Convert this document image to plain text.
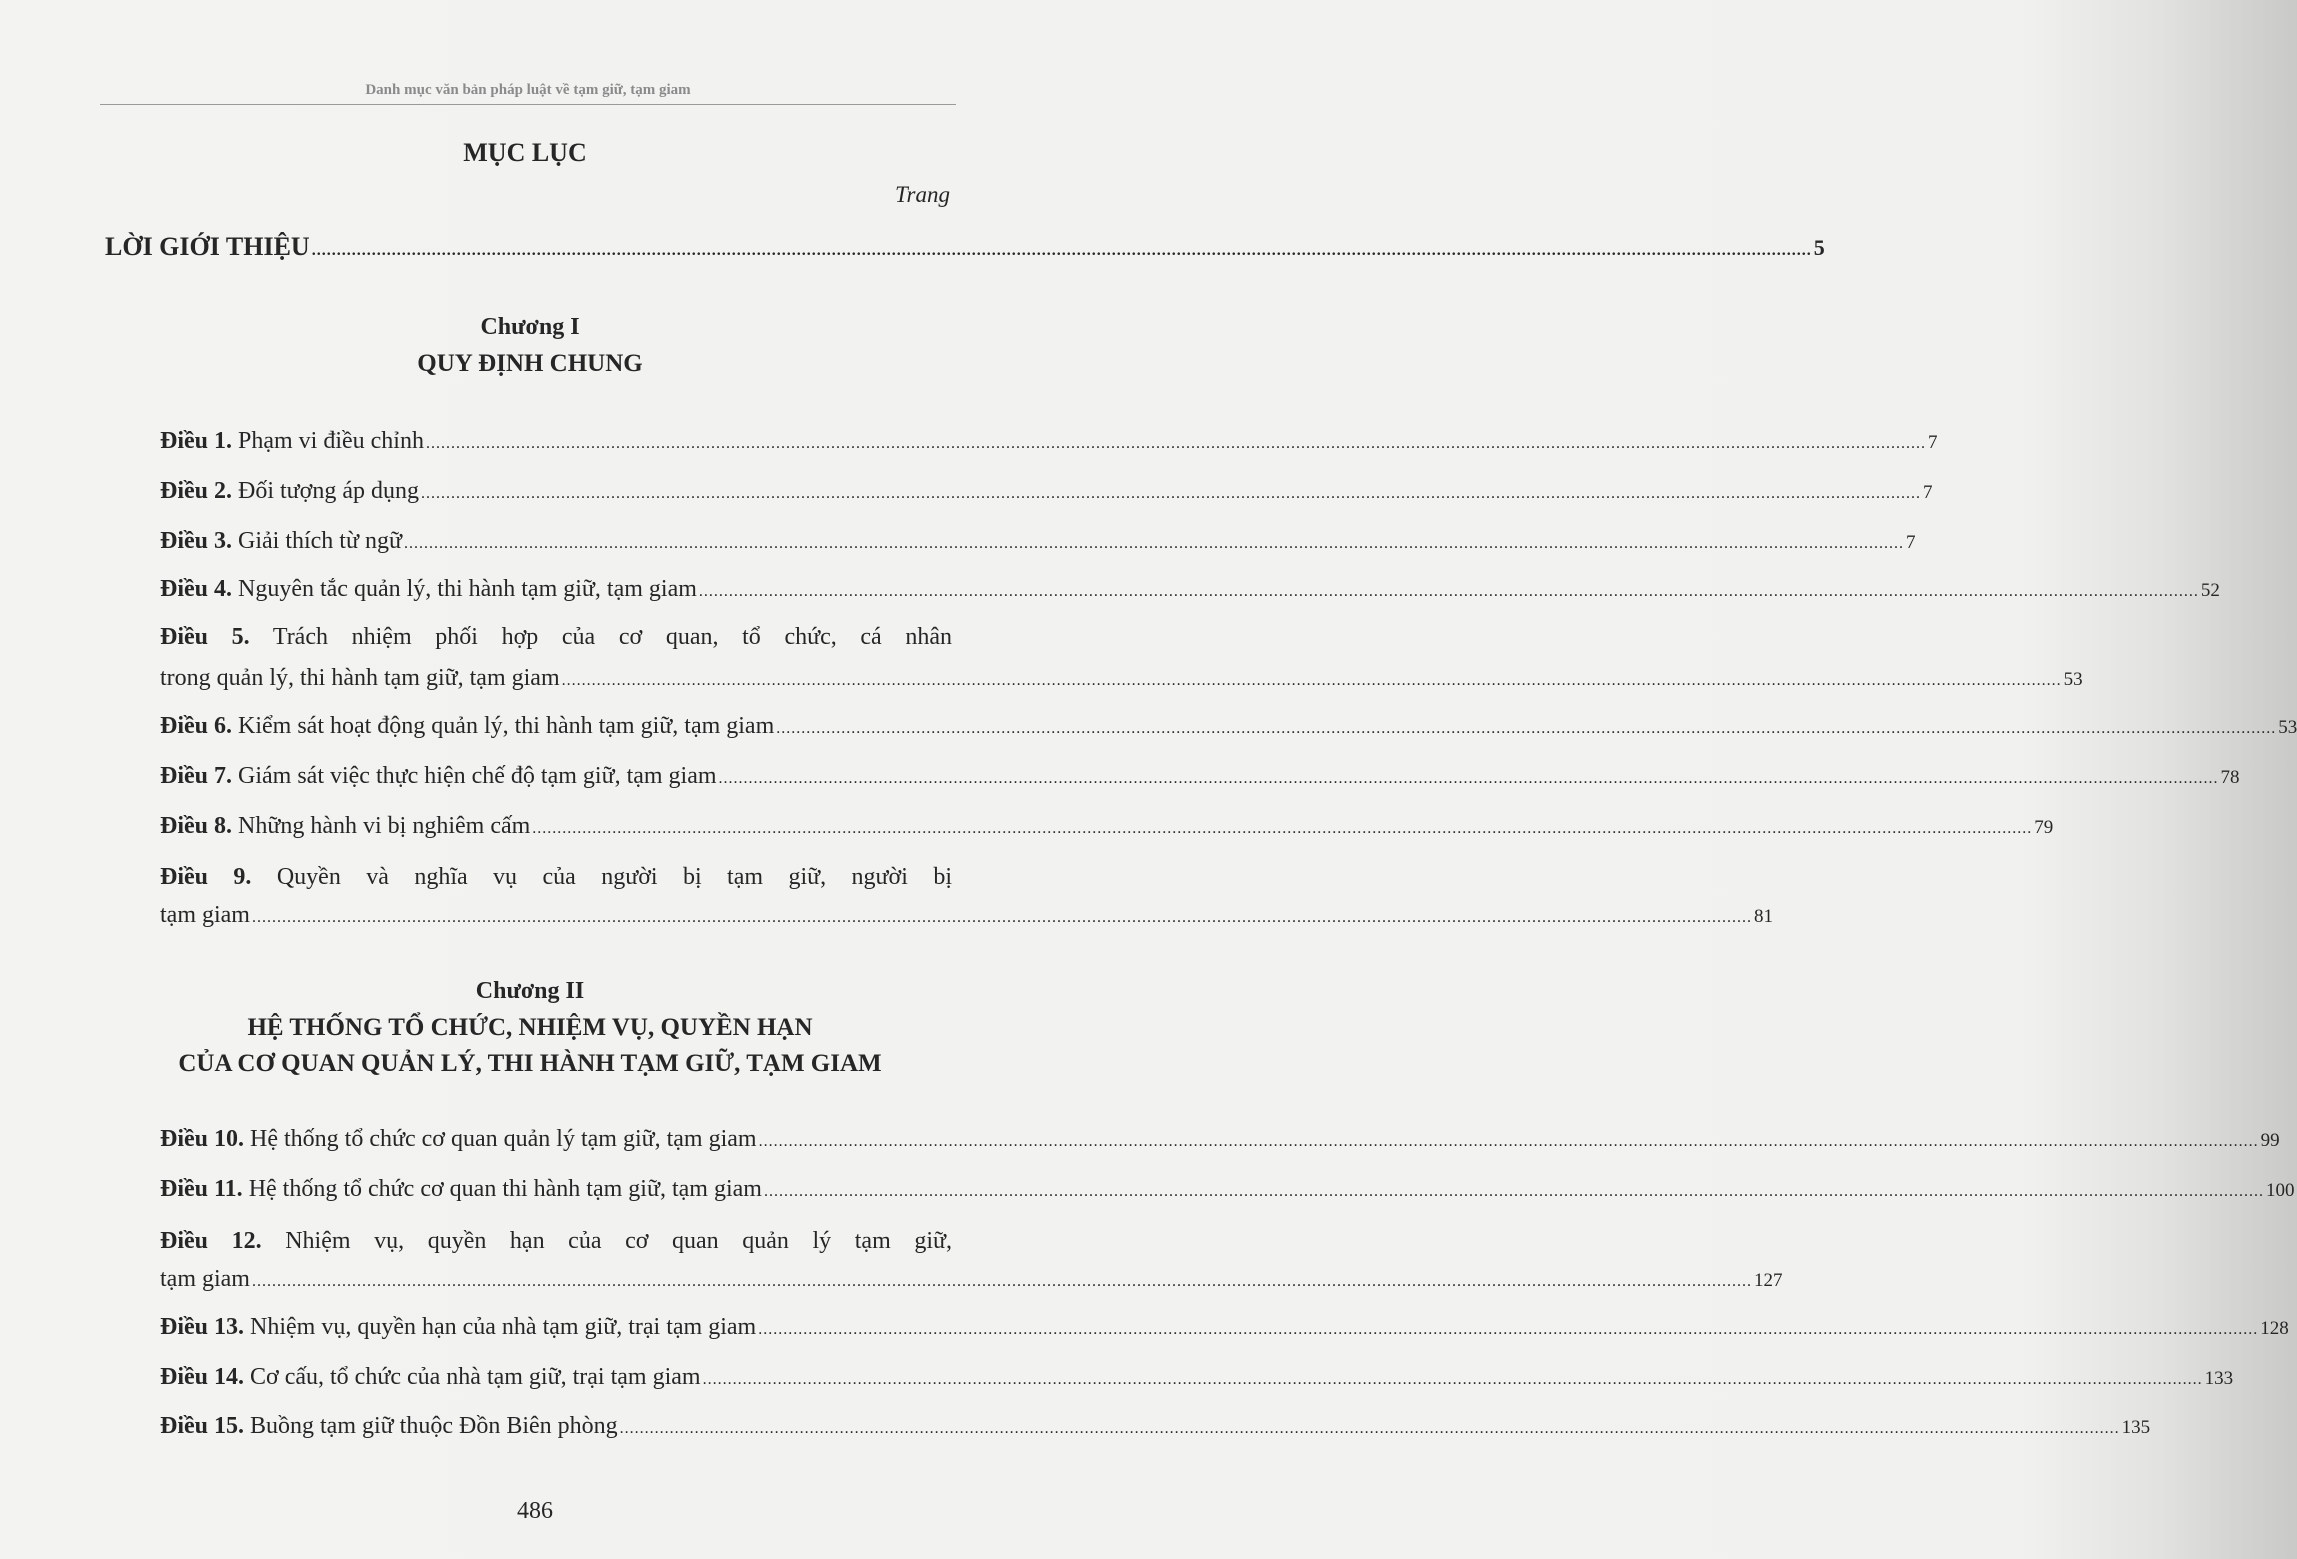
Danh mục văn bản pháp luật về tạm giữ, tạm giam
MỤC LỤC
Trang
LỜI GIỚI THIỆU ............................................................................................................................................................................................................................................................................................................ 5
Chương I
QUY ĐỊNH CHUNG
Điều 1. Phạm vi điều chỉnh ............................................................................................................................................................................................................................................................................................................ 7
Điều 2. Đối tượng áp dụng ............................................................................................................................................................................................................................................................................................................ 7
Điều 3. Giải thích từ ngữ ............................................................................................................................................................................................................................................................................................................ 7
Điều 4. Nguyên tắc quản lý, thi hành tạm giữ, tạm giam ............................................................................................................................................................................................................................................................................................................ 52
Điều 5. Trách nhiệm phối hợp của cơ quan, tổ chức, cá nhân
trong quản lý, thi hành tạm giữ, tạm giam ............................................................................................................................................................................................................................................................................................................ 53
Điều 6. Kiểm sát hoạt động quản lý, thi hành tạm giữ, tạm giam ............................................................................................................................................................................................................................................................................................................ 53
Điều 7. Giám sát việc thực hiện chế độ tạm giữ, tạm giam ............................................................................................................................................................................................................................................................................................................ 78
Điều 8. Những hành vi bị nghiêm cấm ............................................................................................................................................................................................................................................................................................................ 79
Điều 9. Quyền và nghĩa vụ của người bị tạm giữ, người bị
tạm giam ............................................................................................................................................................................................................................................................................................................ 81
Chương II
HỆ THỐNG TỔ CHỨC, NHIỆM VỤ, QUYỀN HẠN
CỦA CƠ QUAN QUẢN LÝ, THI HÀNH TẠM GIỮ, TẠM GIAM
Điều 10. Hệ thống tổ chức cơ quan quản lý tạm giữ, tạm giam ............................................................................................................................................................................................................................................................................................................ 99
Điều 11. Hệ thống tổ chức cơ quan thi hành tạm giữ, tạm giam ............................................................................................................................................................................................................................................................................................................ 100
Điều 12. Nhiệm vụ, quyền hạn của cơ quan quản lý tạm giữ,
tạm giam ............................................................................................................................................................................................................................................................................................................ 127
Điều 13. Nhiệm vụ, quyền hạn của nhà tạm giữ, trại tạm giam ............................................................................................................................................................................................................................................................................................................ 128
Điều 14. Cơ cấu, tổ chức của nhà tạm giữ, trại tạm giam ............................................................................................................................................................................................................................................................................................................ 133
Điều 15. Buồng tạm giữ thuộc Đồn Biên phòng ............................................................................................................................................................................................................................................................................................................ 135
486
